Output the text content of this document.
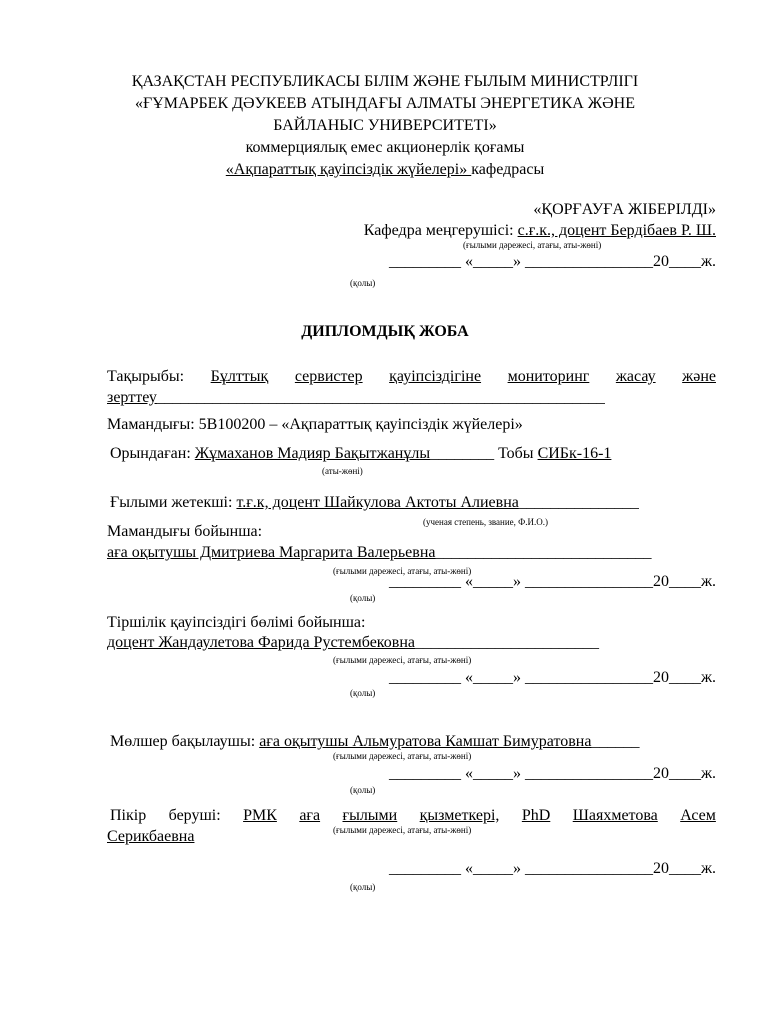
ҚАЗАҚСТАН РЕСПУБЛИКАСЫ БІЛІМ ЖӘНЕ ҒЫЛЫМ МИНИСТРЛІГІ
«ҒҰМАРБЕК ДӘУКЕЕВ АТЫНДАҒЫ АЛМАТЫ ЭНЕРГЕТИКА ЖӘНЕ
БАЙЛАНЫС УНИВЕРСИТЕТІ»
коммерциялық емес акционерлік қоғамы
«Ақпараттық қауіпсіздік жүйелері» кафедрасы
«ҚОРҒАУҒА ЖІБЕРІЛДІ»
Кафедра меңгерушісі: с.ғ.к., доцент Бердібаев Р. Ш.
(ғылыми дәрежесі, атағы, аты-жөні)
_________ «_____» ________________20____ж.
(қолы)
ДИПЛОМДЫҚ ЖОБА
Тақырыбы: Бұлттық сервистер қауіпсіздігіне мониторинг жасау және
зерттеу________________________________________________________
Мамандығы: 5В100200 – «Ақпараттық қауіпсіздік жүйелері»
Орындаған: Жұмаханов Мадияр Бақытжанұлы________ Тобы СИБк-16-1
(аты-жөні)
Ғылыми жетекші: т.ғ.к, доцент Шайкулова Актоты Алиевна_______________
(ученая степень, звание, Ф.И.О.)
Мамандығы бойынша:
аға оқытушы Дмитриева Маргарита Валерьевна___________________________
(ғылыми дәрежесі, атағы, аты-жөні)
_________ «_____» ________________20____ж.
(қолы)
Тіршілік қауіпсіздігі бөлімі бойынша:
доцент Жандаулетова Фарида Рустембековна_______________________
(ғылыми дәрежесі, атағы, аты-жөні)
_________ «_____» ________________20____ж.
(қолы)
Мөлшер бақылаушы: аға оқытушы Альмуратова Камшат Бимуратовна______
(ғылыми дәрежесі, атағы, аты-жөні)
_________ «_____» ________________20____ж.
(қолы)
Пікір беруші: РМК аға ғылыми қызметкері, PhD Шаяхметова Асем
Серикбаевна	(ғылыми дәрежесі, атағы, аты-жөні)
_________ «_____» ________________20____ж.
(қолы)
